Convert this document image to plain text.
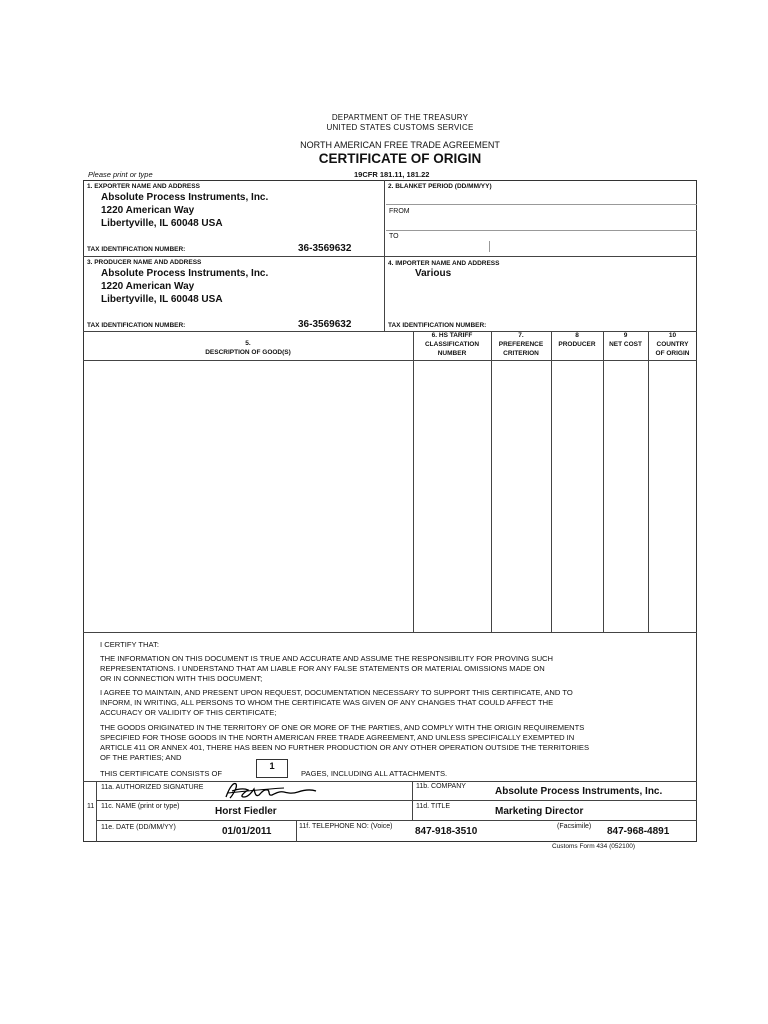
DEPARTMENT OF THE TREASURY
UNITED STATES CUSTOMS SERVICE
NORTH AMERICAN FREE TRADE AGREEMENT
CERTIFICATE OF ORIGIN
Please print or type	19CFR 181.11, 181.22
1. EXPORTER NAME AND ADDRESS
Absolute Process Instruments, Inc.
1220 American Way
Libertyville, IL 60048 USA
TAX IDENTIFICATION NUMBER:	36-3569632
2. BLANKET PERIOD (DD/MM/YY)
FROM
TO
3. PRODUCER NAME AND ADDRESS
Absolute Process Instruments, Inc.
1220 American Way
Libertyville, IL 60048 USA
TAX IDENTIFICATION NUMBER:	36-3569632
4. IMPORTER NAME AND ADDRESS
Various
TAX IDENTIFICATION NUMBER:
5.
DESCRIPTION OF GOOD(S)
6. HS TARIFF
CLASSIFICATION
NUMBER
7.
PREFERENCE
CRITERION
8
PRODUCER
9
NET COST
10
COUNTRY
OF ORIGIN
I CERTIFY THAT:
THE INFORMATION ON THIS DOCUMENT IS TRUE AND ACCURATE AND ASSUME THE RESPONSIBILITY FOR PROVING SUCH
REPRESENTATIONS. I UNDERSTAND THAT AM LIABLE FOR ANY FALSE STATEMENTS OR MATERIAL OMISSIONS MADE ON
OR IN CONNECTION WITH THIS DOCUMENT;
I AGREE TO MAINTAIN, AND PRESENT UPON REQUEST, DOCUMENTATION NECESSARY TO SUPPORT THIS CERTIFICATE, AND TO
INFORM, IN WRITING, ALL PERSONS TO WHOM THE CERTIFICATE WAS GIVEN OF ANY CHANGES THAT COULD AFFECT THE
ACCURACY OR VALIDITY OF THIS CERTIFICATE;
THE GOODS ORIGINATED IN THE TERRITORY OF ONE OR MORE OF THE PARTIES, AND COMPLY WITH THE ORIGIN REQUIREMENTS
SPECIFIED FOR THOSE GOODS IN THE NORTH AMERICAN FREE TRADE AGREEMENT, AND UNLESS SPECIFICALLY EXEMPTED IN
ARTICLE 411 OR ANNEX 401, THERE HAS BEEN NO FURTHER PRODUCTION OR ANY OTHER OPERATION OUTSIDE THE TERRITORIES
OF THE PARTIES; AND
THIS CERTIFICATE CONSISTS OF
1
PAGES, INCLUDING ALL ATTACHMENTS.
11
11a. AUTHORIZED SIGNATURE	11b. COMPANY	Absolute Process Instruments, Inc.
11c. NAME (print or type)	Horst Fiedler	11d. TITLE	Marketing Director
11e. DATE (DD/MM/YY)	01/01/2011	11f. TELEPHONE NO: (Voice) 847-918-3510	(Facsimile) 847-968-4891
Customs Form 434 (052100)
